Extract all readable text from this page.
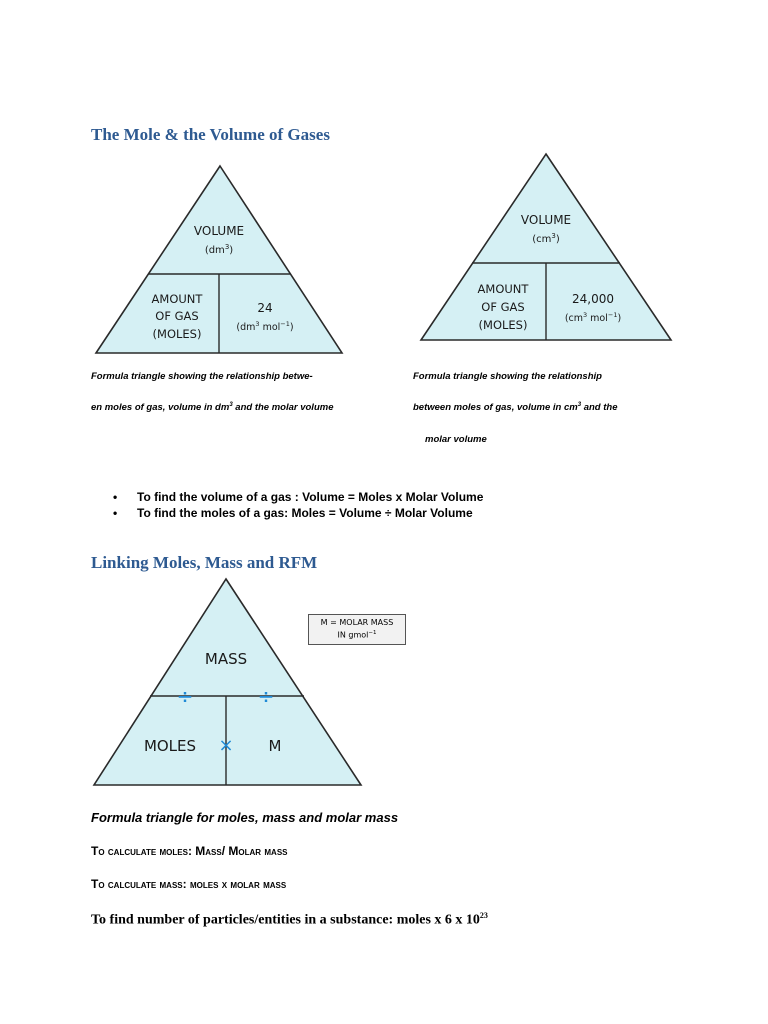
The Mole & the Volume of Gases
VOLUME
$(dm^3)$
AMOUNT
OF GAS
(MOLES)
24
($dm^3$ mol$^{-1}$)
VOLUME
$(cm^3)$
AMOUNT
OF GAS
(MOLES)
24,000
($cm^3$ mol$^{-1}$)
Formula triangle showing the relationship betwe-
en moles of gas, volume in $dm^3$ and the molar volume
Formula triangle showing the relationship
between moles of gas, volume in $cm^3$ and the
molar volume
• To find the volume of a gas : Volume = Moles x Molar Volume
• To find the moles of a gas: Moles = Volume ÷ Molar Volume
Linking Moles, Mass and RFM
MASS
÷	÷
MOLES × M
M = MOLAR MASS
IN gmol$^{-1}$
Formula triangle for moles, mass and molar mass
To calculate moles: Mass/ Molar mass
To calculate mass: moles x molar mass
To find number of particles/entities in a substance: moles x 6 x $10^{23}$
